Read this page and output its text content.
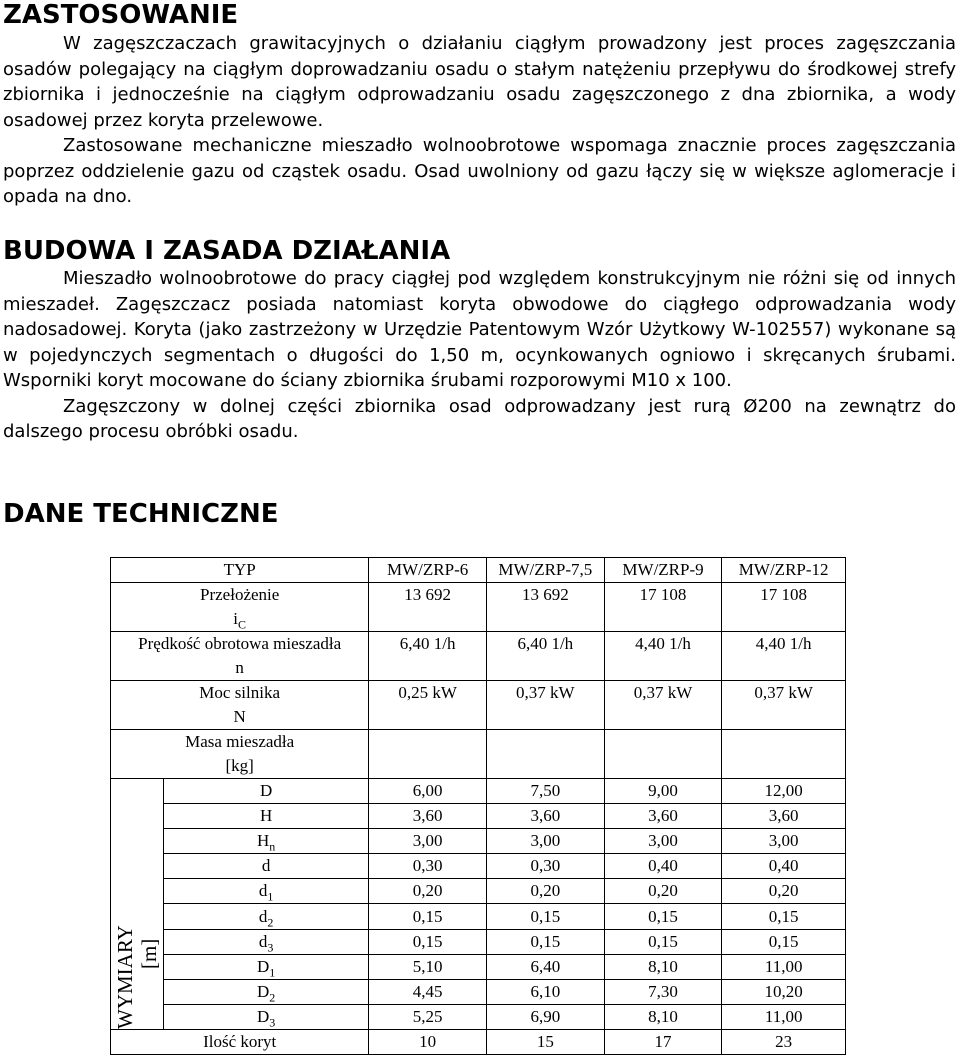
ZASTOSOWANIE

W zagęszczaczach grawitacyjnych o działaniu ciągłym prowadzony jest proces zagęszczania osadów polegający na ciągłym doprowadzaniu osadu o stałym natężeniu przepływu do środkowej strefy zbiornika i jednocześnie na ciągłym odprowadzaniu osadu zagęszczonego z dna zbiornika, a wody osadowej przez koryta przelewowe.

Zastosowane mechaniczne mieszadło wolnoobrotowe wspomaga znacznie proces zagęszczania poprzez oddzielenie gazu od cząstek osadu. Osad uwolniony od gazu łączy się w większe aglomeracje i opada na dno.

BUDOWA I ZASADA DZIAŁANIA

Mieszadło wolnoobrotowe do pracy ciągłej pod względem konstrukcyjnym nie różni się od innych mieszadeł. Zagęszczacz posiada natomiast koryta obwodowe do ciągłego odprowadzania wody nadosadowej. Koryta (jako zastrzeżony w Urzędzie Patentowym Wzór Użytkowy W-102557) wykonane są w pojedynczych segmentach o długości do 1,50 m, ocynkowanych ogniowo i skręcanych śrubami. Wsporniki koryt mocowane do ściany zbiornika śrubami rozporowymi M10 x 100.

Zagęszczony w dolnej części zbiornika osad odprowadzany jest rurą Ø200 na zewnątrz do dalszego procesu obróbki osadu.

DANE TECHNICZNE
TYP		MW/ZRP-6	MW/ZRP-7,5	MW/ZRP-9	MW/ZRP-12
Przełożenie		13 692	13 692	17 108	17 108
$i_C$
Prędkość obrotowa mieszadła		6,40 1/h	6,40 1/h	4,40 1/h	4,40 1/h
n					
Moc silnika		0,25 kW	0,37 kW	0,37 kW	0,37 kW
N					
Masa mieszadła					
[kg]					

WYMIARY [m]	D	6,00	7,50	9,00	12,00
	H	3,60	3,60	3,60	3,60
	$H_n$	3,00	3,00	3,00	3,00
	d	0,30	0,30	0,40	0,40
	$d_1$	0,20	0,20	0,20	0,20
	$d_2$	0,15	0,15	0,15	0,15
	$d_3$	0,15	0,15	0,15	0,15
	$D_1$	5,10	6,40	8,10	11,00
	$D_2$	4,45	6,10	7,30	10,20
	$D_3$	5,25	6,90	8,10	11,00
Ilość koryt		10	15	17	23
